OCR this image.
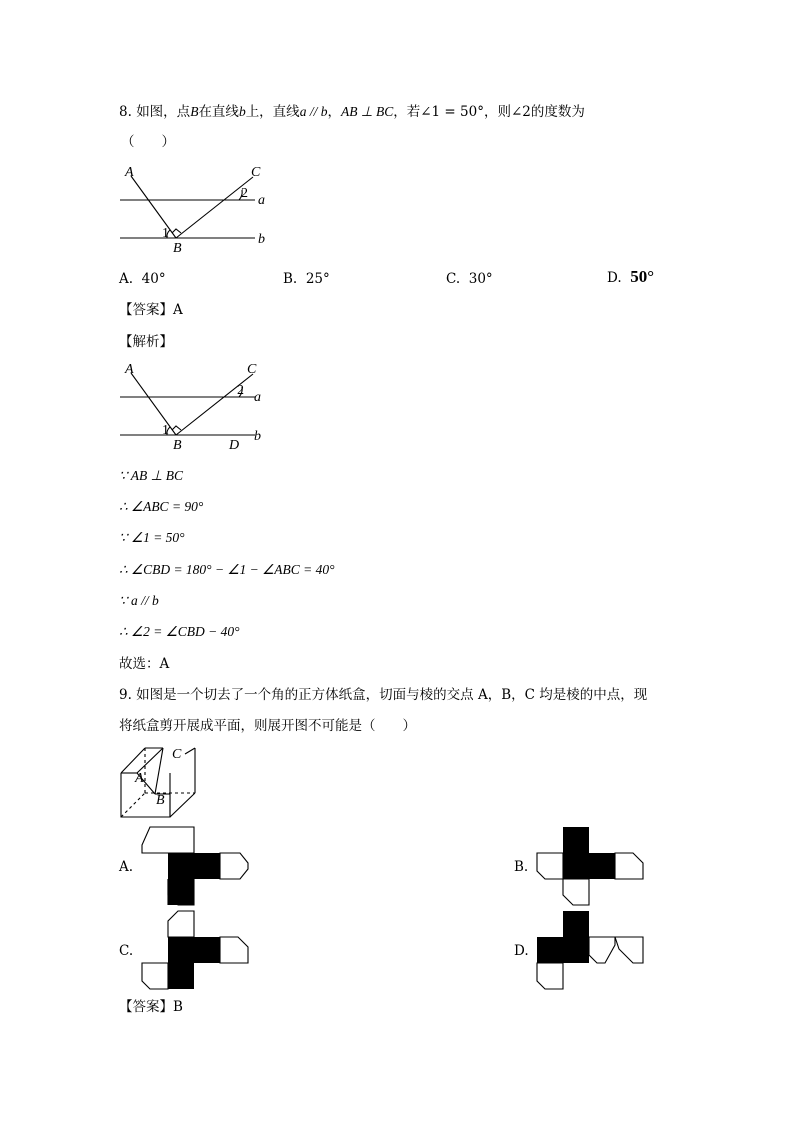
8. 如图，点B在直线b上，直线a // b，AB ⊥ BC，若∠1 = 50°，则∠2的度数为
（　　）
A	C
B
a
b
1
2
A. 40°	B. 25°	C. 30°	D. 50°
【答案】A
【解析】
A	C
B	D
a
b
1
2
∵ AB ⊥ BC
∴ ∠ABC = 90°
∵ ∠1 = 50°
∴ ∠CBD = 180° − ∠1 − ∠ABC = 40°
∵ a // b
∴ ∠2 = ∠CBD − 40°
故选：A
9. 如图是一个切去了一个角的正方体纸盒，切面与棱的交点 A，B，C 均是棱的中点，现
将纸盒剪开展成平面，则展开图不可能是（　　）
C
A
B
A.	B.
C.	D.
【答案】B
